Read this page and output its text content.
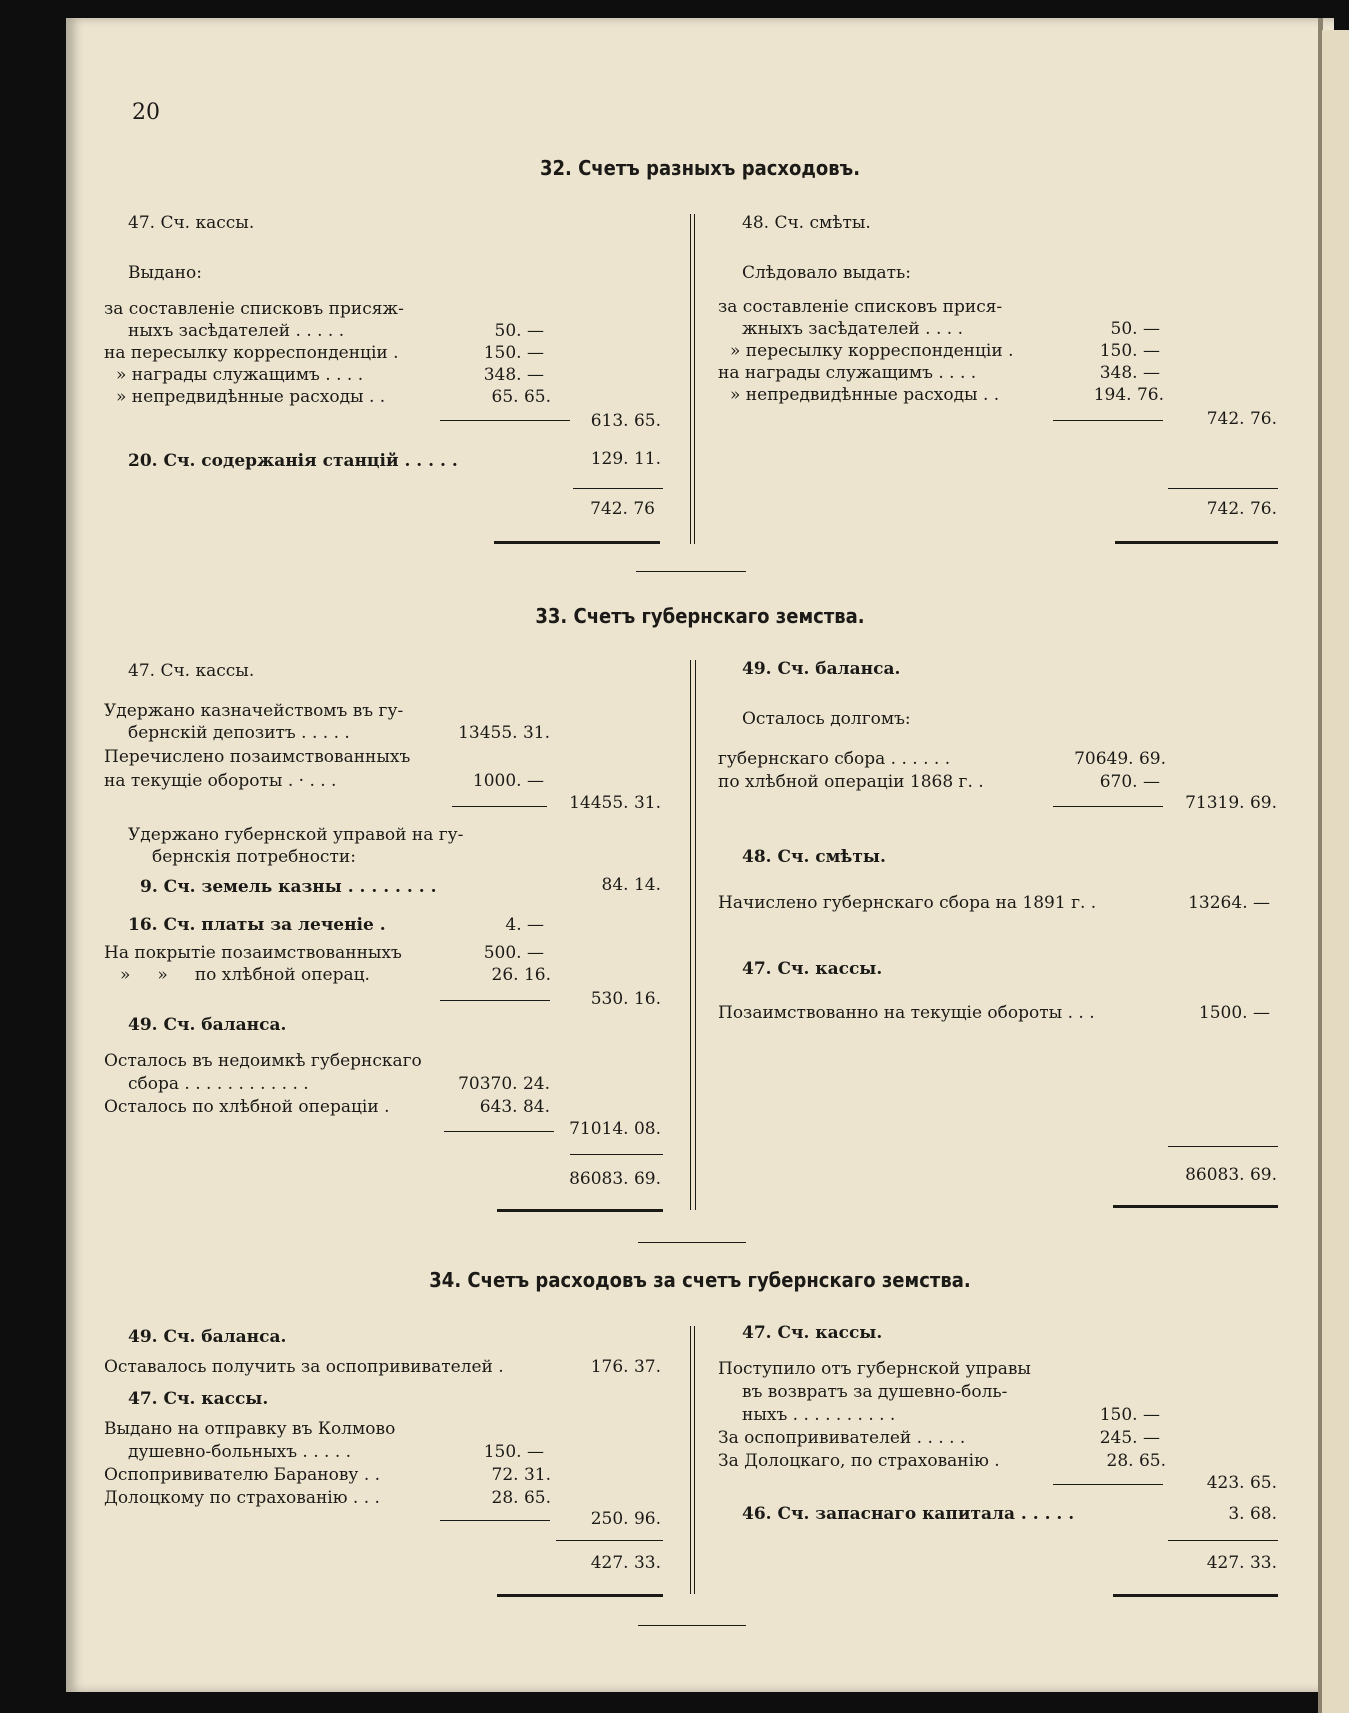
20
32. Счетъ разныхъ расходовъ.
47. Сч. кассы.
Выдано:
за составленіе списковъ присяж-
ныхъ засѣдателей . . . . .	50. —
на пересылку корреспонденціи .	150. —
» награды служащимъ . . . .	348. —
» непредвидѣнные расходы . .	65. 65.
613. 65.
20. Сч. содержанія станцій . . . . .	129. 11.
742. 76
48. Сч. смѣты.
Слѣдовало выдать:
за составленіе списковъ прися-
жныхъ засѣдателей . . . .	50. —
» пересылку корреспонденціи .	150. —
на награды служащимъ . . . .	348. —
» непредвидѣнные расходы . .	194. 76.
742. 76.
742. 76.
33. Счетъ губернскаго земства.
47. Сч. кассы.
Удержано казначействомъ въ гу-
бернскій депозитъ . . . . .	13455. 31.
Перечислено позаимствованныхъ
на текущіе обороты . · . . .	1000. —
14455. 31.
Удержано губернской управой на гу-
бернскія потребности:
9. Сч. земель казны . . . . . . . .	84. 14.
16. Сч. платы за леченіе .	4. —
На покрытіе позаимствованныхъ	500. —
»     »     по хлѣбной операц.	26. 16.
530. 16.
49. Сч. баланса.
Осталось въ недоимкѣ губернскаго
сбора . . . . . . . . . . . .	70370. 24.
Осталось по хлѣбной операціи .	643. 84.
71014. 08.
86083. 69.
49. Сч. баланса.
Осталось долгомъ:
губернскаго сбора . . . . . .	70649. 69.
по хлѣбной операціи 1868 г. .	670. —
71319. 69.
48. Сч. смѣты.
Начислено губернскаго сбора на 1891 г. .	13264. —
47. Сч. кассы.
Позаимствованно на текущіе обороты . . .	1500. —
86083. 69.
34. Счетъ расходовъ за счетъ губернскаго земства.
49. Сч. баланса.
Оставалось получить за оспопрививателей .	176. 37.
47. Сч. кассы.
Выдано на отправку въ Колмово
душевно-больныхъ . . . . .	150. —
Оспопрививателю Баранову . .	72. 31.
Долоцкому по страхованію . . .	28. 65.
250. 96.
427. 33.
47. Сч. кассы.
Поступило отъ губернской управы
въ возвратъ за душевно-боль-
ныхъ . . . . . . . . . .	150. —
За оспопрививателей . . . . .	245. —
За Долоцкаго, по страхованію .	28. 65.
423. 65.
46. Сч. запаснаго капитала . . . . .	3. 68.
427. 33.
